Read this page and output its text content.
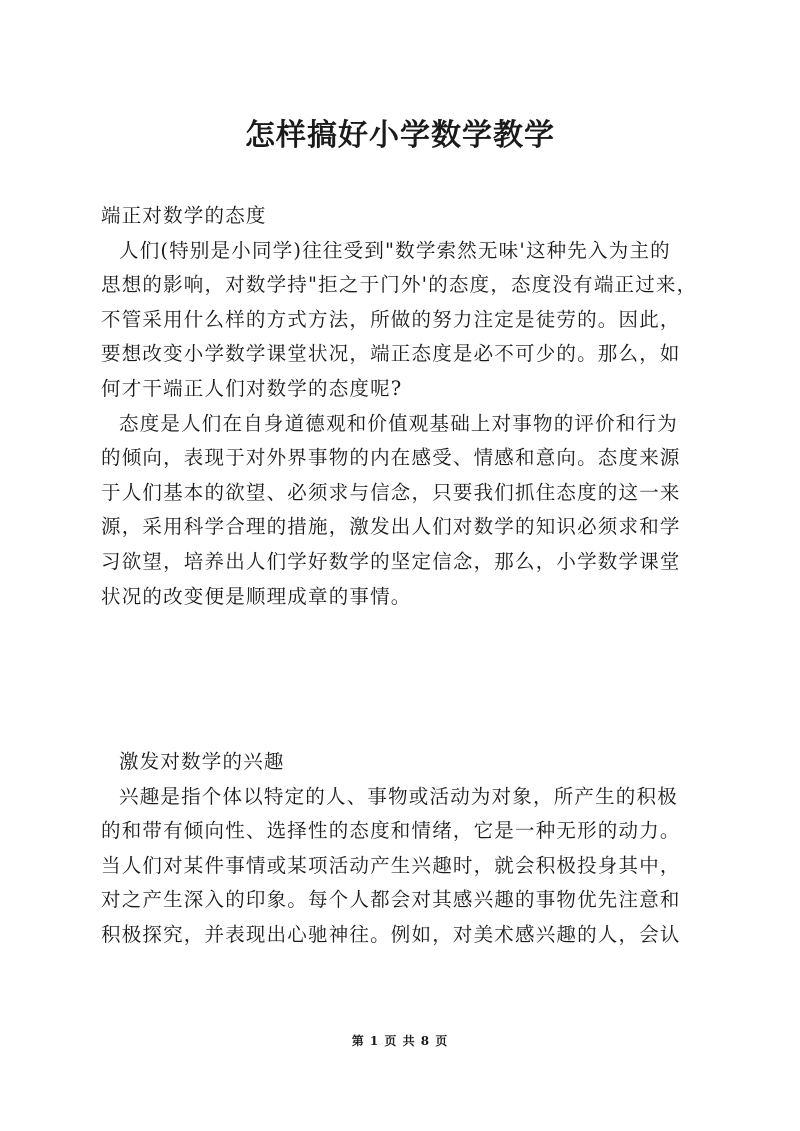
怎样搞好小学数学教学
端正对数学的态度
人们(特别是小同学)往往受到"数学索然无味'这种先入为主的
思想的影响，对数学持"拒之于门外'的态度，态度没有端正过来，
不管采用什么样的方式方法，所做的努力注定是徒劳的。因此，
要想改变小学数学课堂状况，端正态度是必不可少的。那么，如
何才干端正人们对数学的态度呢?
态度是人们在自身道德观和价值观基础上对事物的评价和行为
的倾向，表现于对外界事物的内在感受、情感和意向。态度来源
于人们基本的欲望、必须求与信念，只要我们抓住态度的这一来
源，采用科学合理的措施，激发出人们对数学的知识必须求和学
习欲望，培养出人们学好数学的坚定信念，那么，小学数学课堂
状况的改变便是顺理成章的事情。
激发对数学的兴趣
兴趣是指个体以特定的人、事物或活动为对象，所产生的积极
的和带有倾向性、选择性的态度和情绪，它是一种无形的动力。
当人们对某件事情或某项活动产生兴趣时，就会积极投身其中，
对之产生深入的印象。每个人都会对其感兴趣的事物优先注意和
积极探究，并表现出心驰神往。例如，对美术感兴趣的人，会认
第 1 页 共 8 页
